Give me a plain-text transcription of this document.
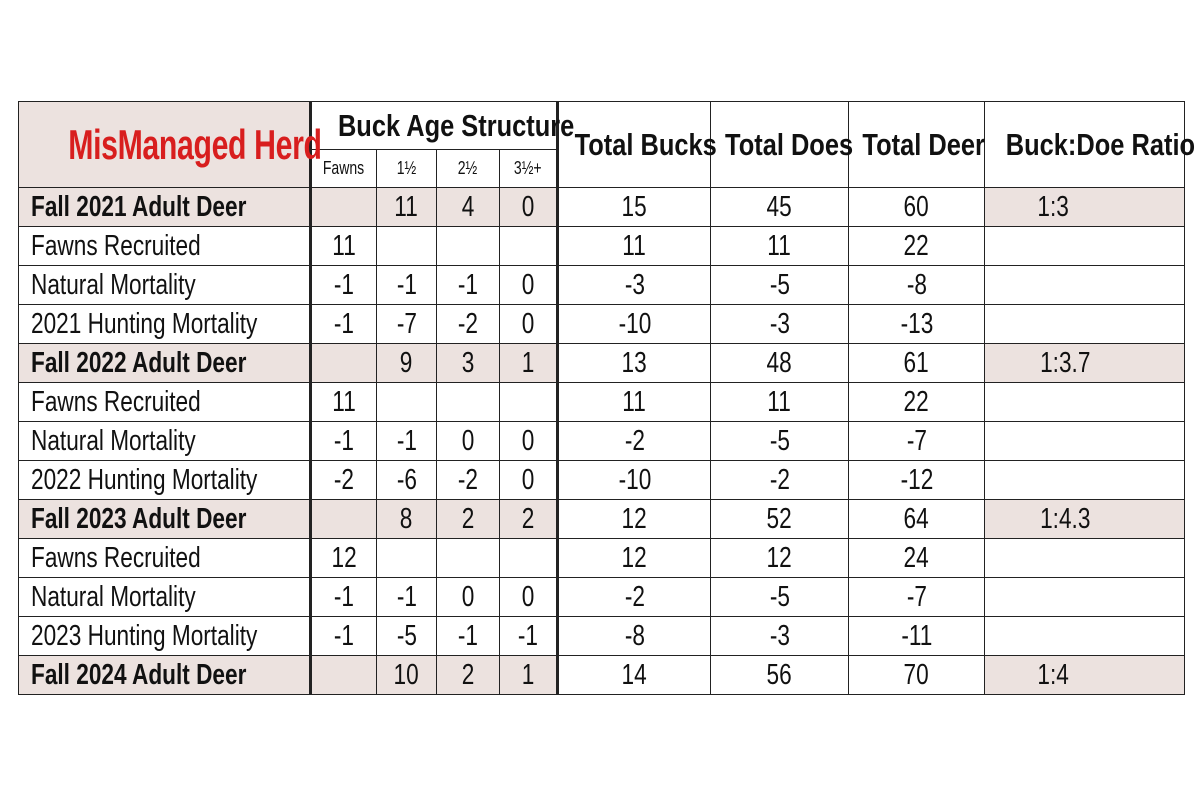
MisManaged Herd	Buck Age Structure				Total Bucks	Total Does	Total Deer	Buck:Doe Ratio
	Fawns	1½	2½	3½+				
Fall 2021 Adult Deer		11	4	0	15	45	60	1:3
Fawns Recruited	11				11	11	22	
Natural Mortality	-1	-1	-1	0	-3	-5	-8	
2021 Hunting Mortality	-1	-7	-2	0	-10	-3	-13	
Fall 2022 Adult Deer		9	3	1	13	48	61	1:3.7
Fawns Recruited	11				11	11	22	
Natural Mortality	-1	-1	0	0	-2	-5	-7	
2022 Hunting Mortality	-2	-6	-2	0	-10	-2	-12	
Fall 2023 Adult Deer		8	2	2	12	52	64	1:4.3
Fawns Recruited	12				12	12	24	
Natural Mortality	-1	-1	0	0	-2	-5	-7	
2023 Hunting Mortality	-1	-5	-1	-1	-8	-3	-11	
Fall 2024 Adult Deer		10	2	1	14	56	70	1:4
